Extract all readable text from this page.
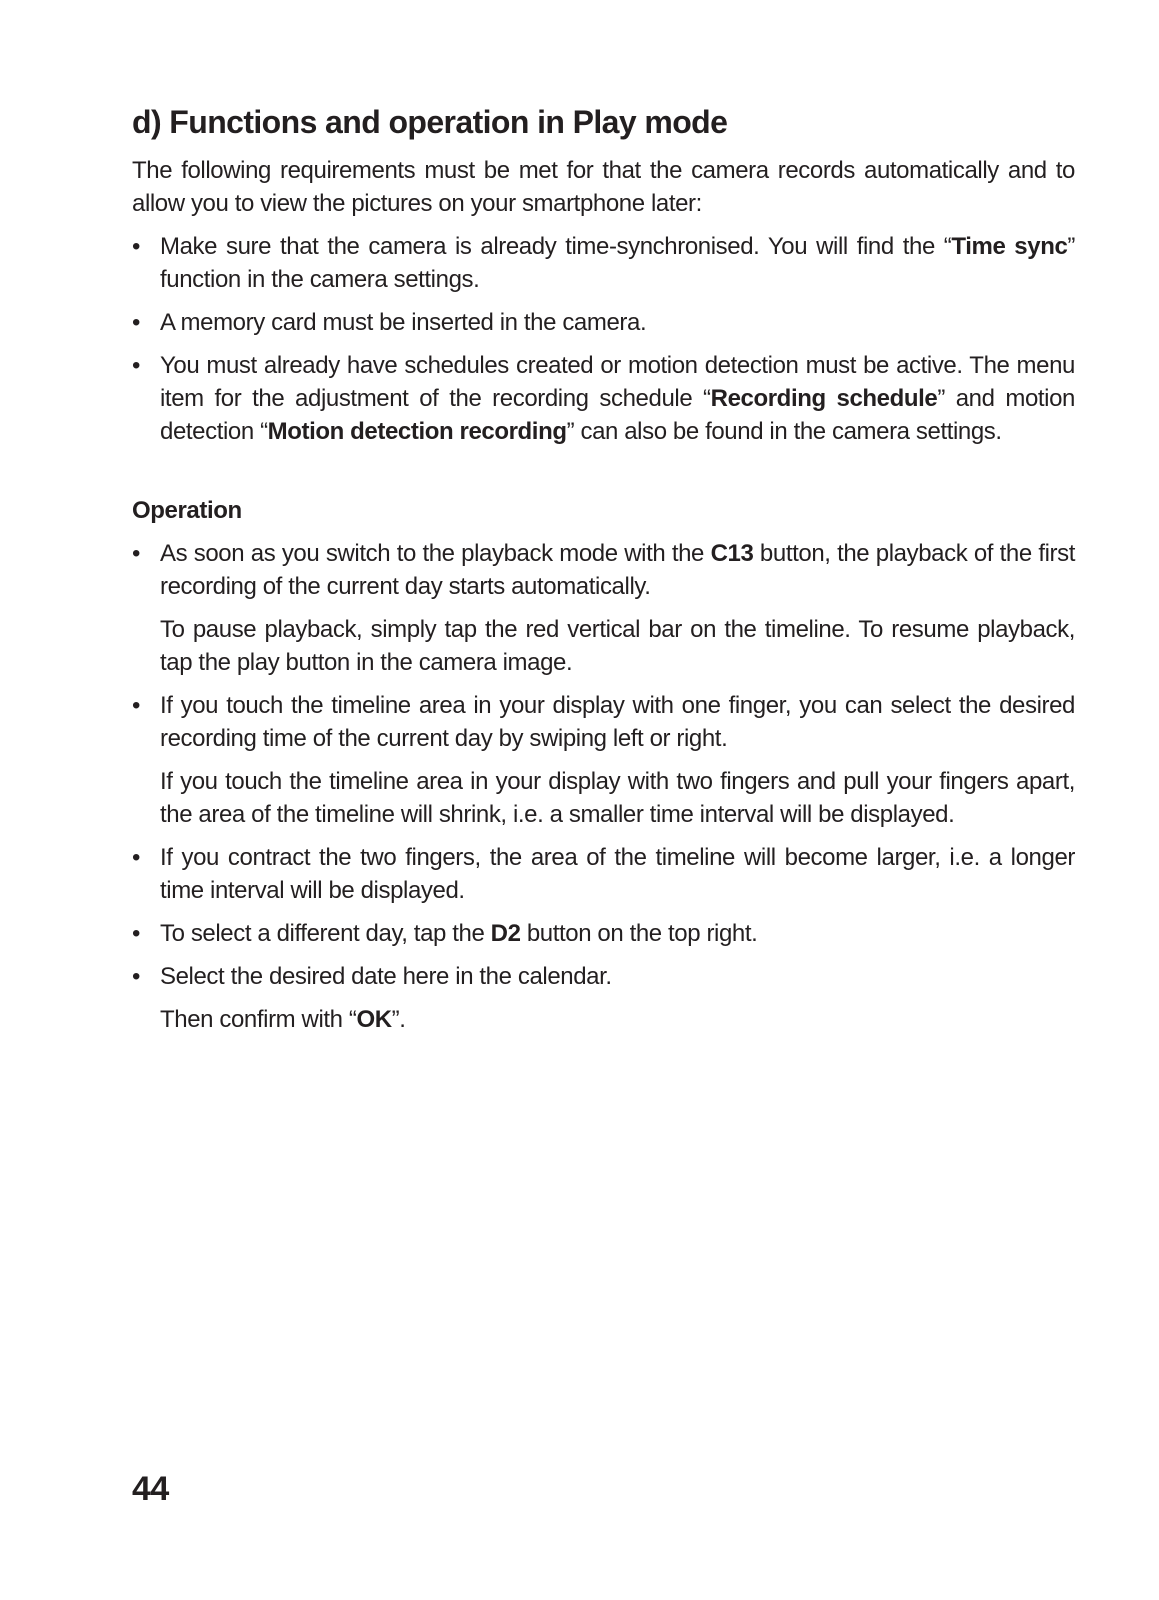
d) Functions and operation in Play mode

The following requirements must be met for that the camera records automatically and to allow you to view the pictures on your smartphone later:

• Make sure that the camera is already time-synchronised. You will find the “Time sync” function in the camera settings.

• A memory card must be inserted in the camera.

• You must already have schedules created or motion detection must be active. The menu item for the adjustment of the recording schedule “Recording schedule” and motion detection “Motion detection recording” can also be found in the camera settings.

Operation
• As soon as you switch to the playback mode with the C13 button, the playback of the first recording of the current day starts automatically.

To pause playback, simply tap the red vertical bar on the timeline. To resume playback, tap the play button in the camera image.

• If you touch the timeline area in your display with one finger, you can select the desired recording time of the current day by swiping left or right.

If you touch the timeline area in your display with two fingers and pull your fingers apart, the area of the timeline will shrink, i.e. a smaller time interval will be displayed.

• If you contract the two fingers, the area of the timeline will become larger, i.e. a longer time interval will be displayed.

• To select a different day, tap the D2 button on the top right.

• Select the desired date here in the calendar.

Then confirm with “OK”.

44
